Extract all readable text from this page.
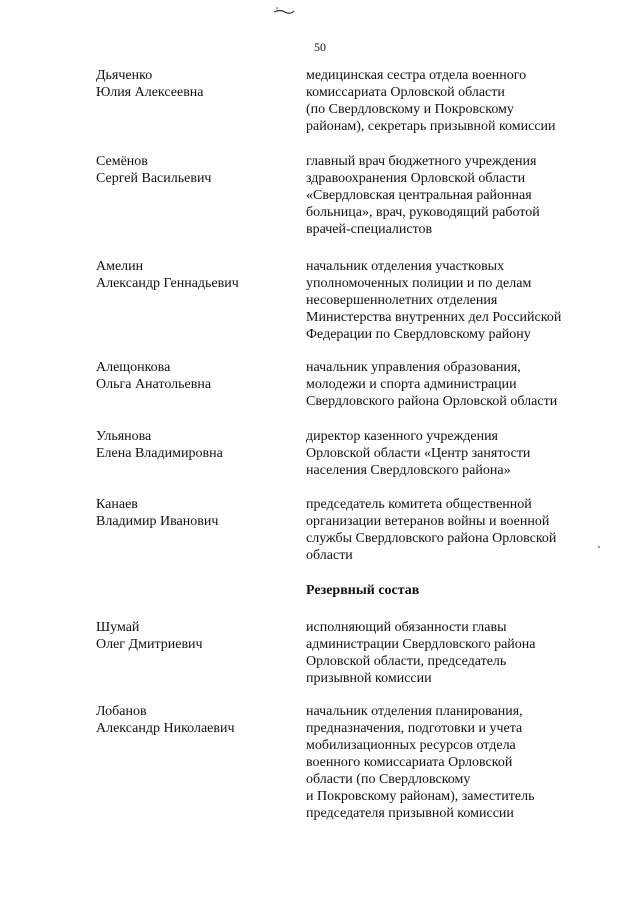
50
Дьяченко
Юлия Алексеевна
медицинская сестра отдела военного
комиссариата Орловской области
(по Свердловскому и Покровскому
районам), секретарь призывной комиссии
Семёнов
Сергей Васильевич
главный врач бюджетного учреждения
здравоохранения Орловской области
«Свердловская центральная районная
больница», врач, руководящий работой
врачей-специалистов
Амелин
Александр Геннадьевич
начальник отделения участковых
уполномоченных полиции и по делам
несовершеннолетних отделения
Министерства внутренних дел Российской
Федерации по Свердловскому району
Алещонкова
Ольга Анатольевна
начальник управления образования,
молодежи и спорта администрации
Свердловского района Орловской области
Ульянова
Елена Владимировна
директор казенного учреждения
Орловской области «Центр занятости
населения Свердловского района»
Канаев
Владимир Иванович
председатель комитета общественной
организации ветеранов войны и военной
службы Свердловского района Орловской
области
Резервный состав
Шумай
Олег Дмитриевич
исполняющий обязанности главы
администрации Свердловского района
Орловской области, председатель
призывной комиссии
Лобанов
Александр Николаевич
начальник отделения планирования,
предназначения, подготовки и учета
мобилизационных ресурсов отдела
военного комиссариата Орловской
области (по Свердловскому
и Покровскому районам), заместитель
председателя призывной комиссии
